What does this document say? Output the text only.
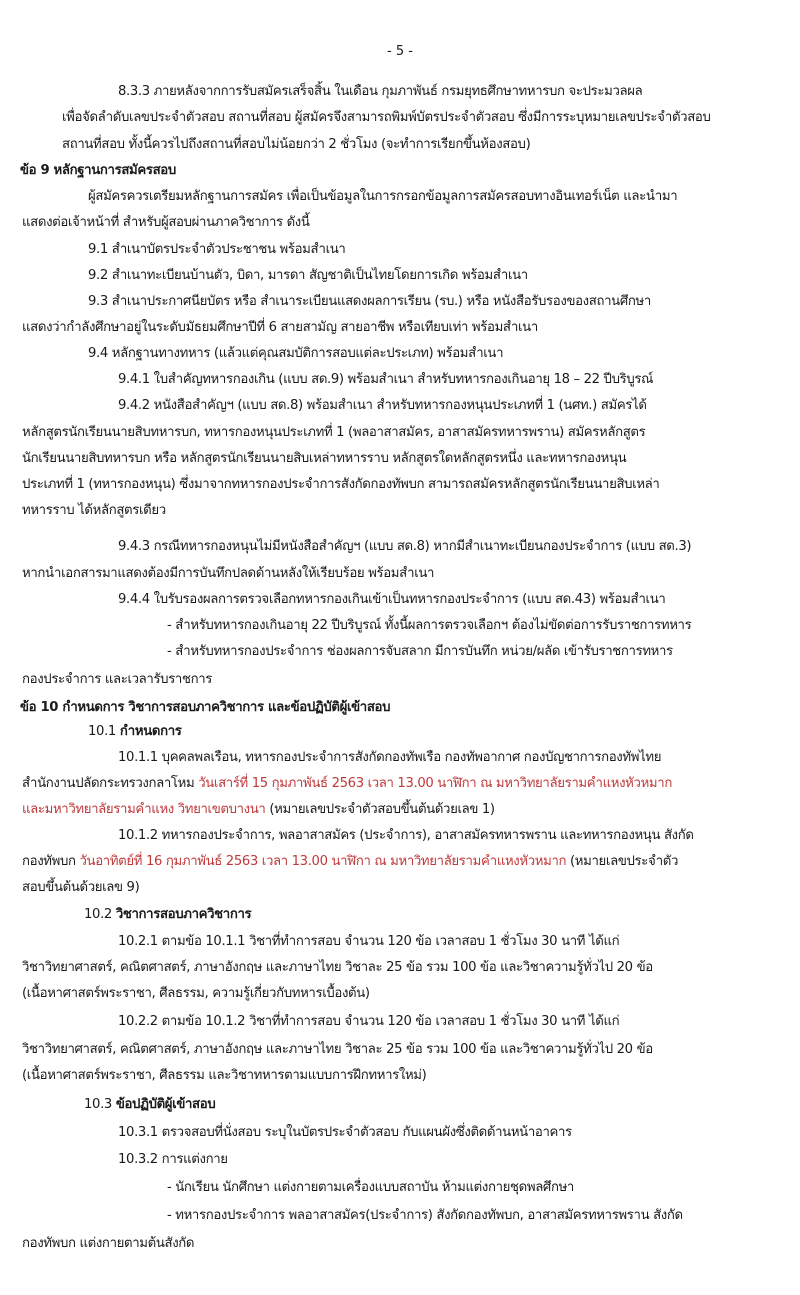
- 5 -
8.3.3 ภายหลังจากการรับสมัครเสร็จสิ้น ในเดือน กุมภาพันธ์ กรมยุทธศึกษาทหารบก จะประมวลผล
เพื่อจัดลำดับเลขประจำตัวสอบ สถานที่สอบ ผู้สมัครจึงสามารถพิมพ์บัตรประจำตัวสอบ ซึ่งมีการระบุหมายเลขประจำตัวสอบ
สถานที่สอบ ทั้งนี้ควรไปถึงสถานที่สอบไม่น้อยกว่า 2 ชั่วโมง (จะทำการเรียกขึ้นห้องสอบ)
ข้อ 9 หลักฐานการสมัครสอบ
ผู้สมัครควรเตรียมหลักฐานการสมัคร เพื่อเป็นข้อมูลในการกรอกข้อมูลการสมัครสอบทางอินเทอร์เน็ต และนำมา
แสดงต่อเจ้าหน้าที่ สำหรับผู้สอบผ่านภาควิชาการ ดังนี้
9.1 สำเนาบัตรประจำตัวประชาชน พร้อมสำเนา
9.2 สำเนาทะเบียนบ้านตัว, บิดา, มารดา สัญชาติเป็นไทยโดยการเกิด พร้อมสำเนา
9.3 สำเนาประกาศนียบัตร หรือ สำเนาระเบียนแสดงผลการเรียน (รบ.) หรือ หนังสือรับรองของสถานศึกษา
แสดงว่ากำลังศึกษาอยู่ในระดับมัธยมศึกษาปีที่ 6 สายสามัญ สายอาชีพ หรือเทียบเท่า พร้อมสำเนา
9.4 หลักฐานทางทหาร (แล้วแต่คุณสมบัติการสอบแต่ละประเภท) พร้อมสำเนา
9.4.1 ใบสำคัญทหารกองเกิน (แบบ สด.9) พร้อมสำเนา สำหรับทหารกองเกินอายุ 18 – 22 ปีบริบูรณ์
9.4.2 หนังสือสำคัญฯ (แบบ สด.8) พร้อมสำเนา สำหรับทหารกองหนุนประเภทที่ 1 (นศท.) สมัครได้
หลักสูตรนักเรียนนายสิบทหารบก, ทหารกองหนุนประเภทที่ 1 (พลอาสาสมัคร, อาสาสมัครทหารพราน) สมัครหลักสูตร
นักเรียนนายสิบทหารบก หรือ หลักสูตรนักเรียนนายสิบเหล่าทหารราบ หลักสูตรใดหลักสูตรหนึ่ง และทหารกองหนุน
ประเภทที่ 1 (ทหารกองหนุน) ซึ่งมาจากทหารกองประจำการสังกัดกองทัพบก สามารถสมัครหลักสูตรนักเรียนนายสิบเหล่า
ทหารราบ ได้หลักสูตรเดียว
9.4.3 กรณีทหารกองหนุนไม่มีหนังสือสำคัญฯ (แบบ สด.8) หากมีสำเนาทะเบียนกองประจำการ (แบบ สด.3)
หากนำเอกสารมาแสดงต้องมีการบันทึกปลดด้านหลังให้เรียบร้อย พร้อมสำเนา
9.4.4 ใบรับรองผลการตรวจเลือกทหารกองเกินเข้าเป็นทหารกองประจำการ (แบบ สด.43) พร้อมสำเนา
- สำหรับทหารกองเกินอายุ 22 ปีบริบูรณ์ ทั้งนี้ผลการตรวจเลือกฯ ต้องไม่ขัดต่อการรับราชการทหาร
- สำหรับทหารกองประจำการ ช่องผลการจับสลาก มีการบันทึก หน่วย/ผลัด เข้ารับราชการทหาร
กองประจำการ และเวลารับราชการ
ข้อ 10 กำหนดการ วิชาการสอบภาควิชาการ และข้อปฏิบัติผู้เข้าสอบ
10.1 กำหนดการ
10.1.1 บุคคลพลเรือน, ทหารกองประจำการสังกัดกองทัพเรือ กองทัพอากาศ กองบัญชาการกองทัพไทย
สำนักงานปลัดกระทรวงกลาโหม วันเสาร์ที่ 15 กุมภาพันธ์ 2563 เวลา 13.00 นาฬิกา ณ มหาวิทยาลัยรามคำแหงหัวหมาก
และมหาวิทยาลัยรามคำแหง วิทยาเขตบางนา (หมายเลขประจำตัวสอบขึ้นต้นด้วยเลข 1)
10.1.2 ทหารกองประจำการ, พลอาสาสมัคร (ประจำการ), อาสาสมัครทหารพราน และทหารกองหนุน สังกัด
กองทัพบก วันอาทิตย์ที่ 16 กุมภาพันธ์ 2563 เวลา 13.00 นาฬิกา ณ มหาวิทยาลัยรามคำแหงหัวหมาก (หมายเลขประจำตัว
สอบขึ้นต้นด้วยเลข 9)
10.2 วิชาการสอบภาควิชาการ
10.2.1 ตามข้อ 10.1.1 วิชาที่ทำการสอบ จำนวน 120 ข้อ เวลาสอบ 1 ชั่วโมง 30 นาที ได้แก่
วิชาวิทยาศาสตร์, คณิตศาสตร์, ภาษาอังกฤษ และภาษาไทย วิชาละ 25 ข้อ รวม 100 ข้อ และวิชาความรู้ทั่วไป 20 ข้อ
(เนื้อหาศาสตร์พระราชา, ศีลธรรม, ความรู้เกี่ยวกับทหารเบื้องต้น)
10.2.2 ตามข้อ 10.1.2 วิชาที่ทำการสอบ จำนวน 120 ข้อ เวลาสอบ 1 ชั่วโมง 30 นาที ได้แก่
วิชาวิทยาศาสตร์, คณิตศาสตร์, ภาษาอังกฤษ และภาษาไทย วิชาละ 25 ข้อ รวม 100 ข้อ และวิชาความรู้ทั่วไป 20 ข้อ
(เนื้อหาศาสตร์พระราชา, ศีลธรรม และวิชาทหารตามแบบการฝึกทหารใหม่)
10.3 ข้อปฏิบัติผู้เข้าสอบ
10.3.1 ตรวจสอบที่นั่งสอบ ระบุในบัตรประจำตัวสอบ กับแผนผังซึ่งติดด้านหน้าอาคาร
10.3.2 การแต่งกาย
- นักเรียน นักศึกษา แต่งกายตามเครื่องแบบสถาบัน ห้ามแต่งกายชุดพลศึกษา
- ทหารกองประจำการ พลอาสาสมัคร(ประจำการ) สังกัดกองทัพบก, อาสาสมัครทหารพราน สังกัด
กองทัพบก แต่งกายตามต้นสังกัด
